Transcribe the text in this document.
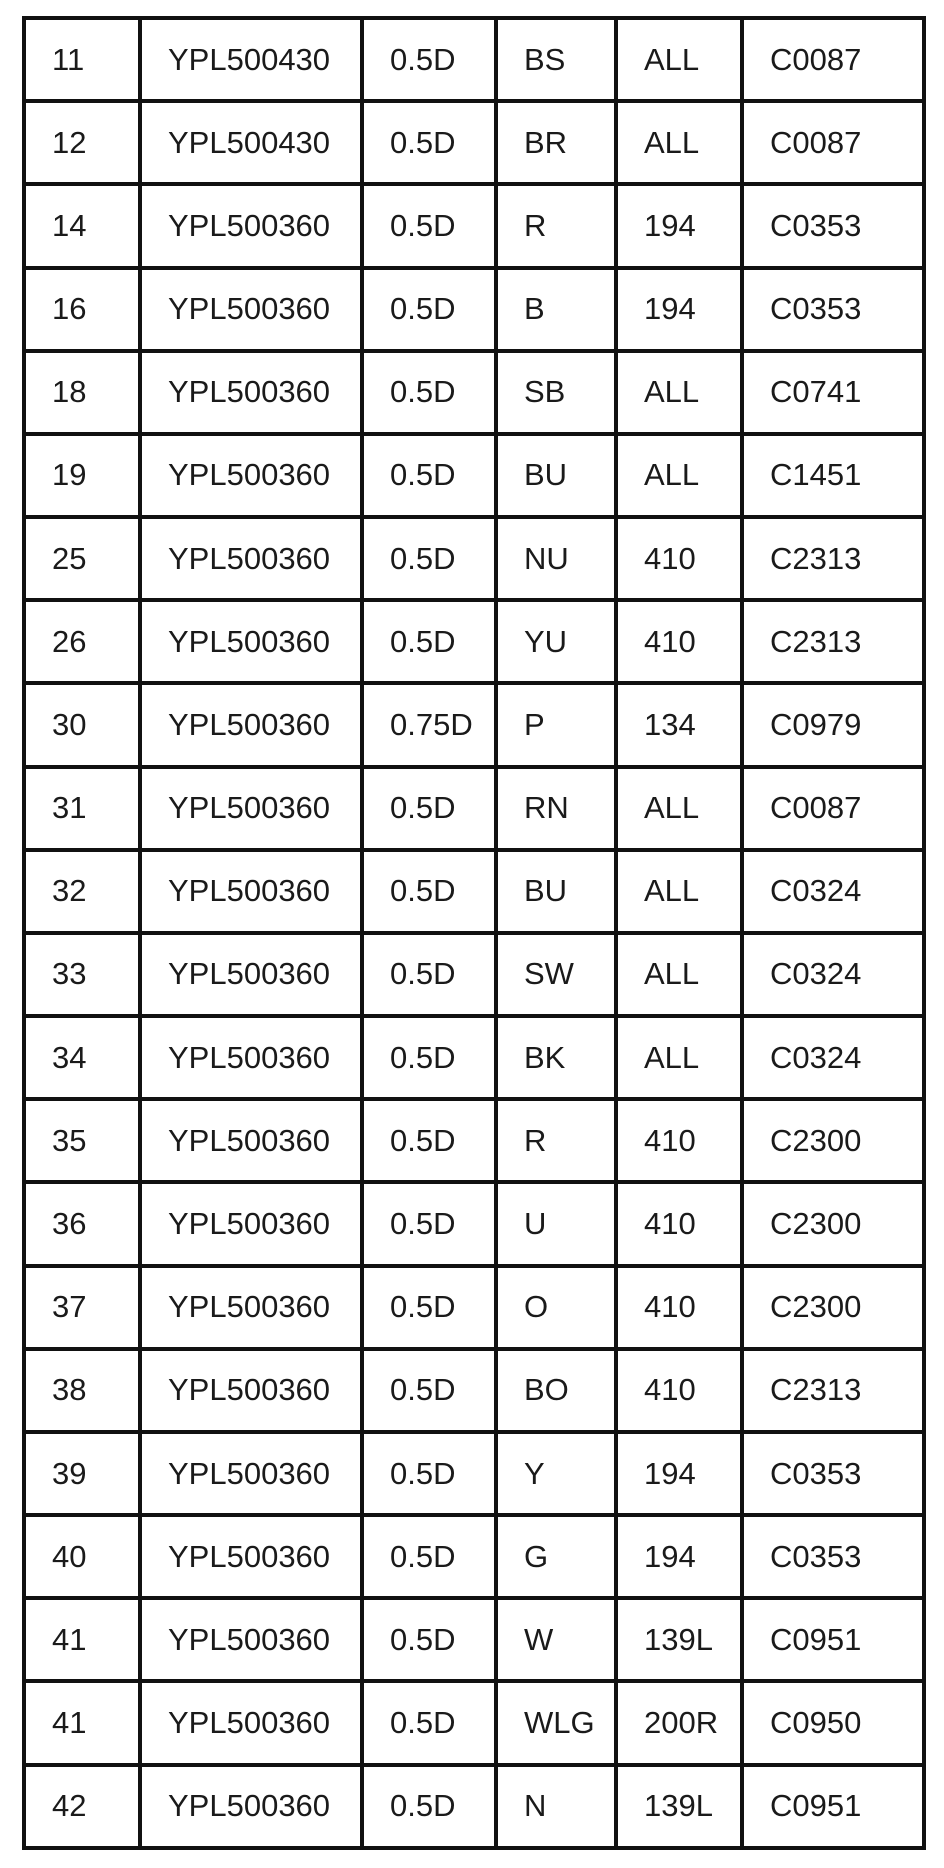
11	YPL500430	0.5D	BS	ALL	C0087
12	YPL500430	0.5D	BR	ALL	C0087
14	YPL500360	0.5D	R	194	C0353
16	YPL500360	0.5D	B	194	C0353
18	YPL500360	0.5D	SB	ALL	C0741
19	YPL500360	0.5D	BU	ALL	C1451
25	YPL500360	0.5D	NU	410	C2313
26	YPL500360	0.5D	YU	410	C2313
30	YPL500360	0.75D	P	134	C0979
31	YPL500360	0.5D	RN	ALL	C0087
32	YPL500360	0.5D	BU	ALL	C0324
33	YPL500360	0.5D	SW	ALL	C0324
34	YPL500360	0.5D	BK	ALL	C0324
35	YPL500360	0.5D	R	410	C2300
36	YPL500360	0.5D	U	410	C2300
37	YPL500360	0.5D	O	410	C2300
38	YPL500360	0.5D	BO	410	C2313
39	YPL500360	0.5D	Y	194	C0353
40	YPL500360	0.5D	G	194	C0353
41	YPL500360	0.5D	W	139L	C0951
41	YPL500360	0.5D	WLG	200R	C0950
42	YPL500360	0.5D	N	139L	C0951
